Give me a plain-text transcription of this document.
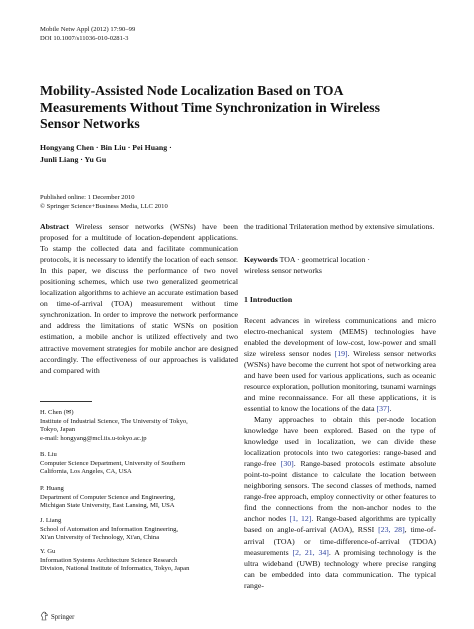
Mobile Netw Appl (2012) 17:90–99
DOI 10.1007/s11036-010-0281-3
Mobility-Assisted Node Localization Based on TOA
Measurements Without Time Synchronization in Wireless
Sensor Networks
Hongyang Chen · Bin Liu · Pei Huang ·
Junli Liang · Yu Gu
Published online: 1 December 2010
© Springer Science+Business Media, LLC 2010

Abstract Wireless sensor networks (WSNs) have been proposed for a multitude of location-dependent applications. To stamp the collected data and facilitate communication protocols, it is necessary to identify the location of each sensor. In this paper, we discuss the performance of two novel positioning schemes, which use two generalized geometrical localization algorithms to achieve an accurate estimation based on time-of-arrival (TOA) measurement without time synchronization. In order to improve the network performance and address the limitations of static WSNs on position estimation, a mobile anchor is utilized effectively and two attractive movement strategies for mobile anchor are designed accordingly. The effectiveness of our approaches is validated and compared with

the traditional Trilateration method by extensive simulations.

Keywords TOA · geometrical location ·
wireless sensor networks
1 Introduction

Recent advances in wireless communications and micro electro-mechanical system (MEMS) technologies have enabled the development of low-cost, low-power and small size wireless sensor nodes [19]. Wireless sensor networks (WSNs) have become the current hot spot of networking area and have been used for various applications, such as oceanic resource exploration, pollution monitoring, tsunami warnings and mine reconnaissance. For all these applications, it is essential to know the locations of the data [37].

Many approaches to obtain this per-node location knowledge have been explored. Based on the type of knowledge used in localization, we can divide these localization protocols into two categories: range-based and range-free [30]. Range-based protocols estimate absolute point-to-point distance to calculate the location between neighboring sensors. The second classes of methods, named range-free approach, employ connectivity or other features to find the connections from the non-anchor nodes to the anchor nodes [1, 12]. Range-based algorithms are typically based on angle-of-arrival (AOA), RSSI [23, 28], time-of-arrival (TOA) or time-difference-of-arrival (TDOA) measurements [2, 21, 34]. A promising technology is the ultra wideband (UWB) technology where precise ranging can be embedded into data communication. The typical range-

H. Chen (✉)
Institute of Industrial Science, The University of Tokyo,
Tokyo, Japan
e-mail: hongyang@mcl.iis.u-tokyo.ac.jp
B. Liu
Computer Science Department, University of Southern
California, Los Angeles, CA, USA
P. Huang
Department of Computer Science and Engineering,
Michigan State University, East Lansing, MI, USA
J. Liang
School of Automation and Information Engineering,
Xi'an University of Technology, Xi'an, China
Y. Gu
Information Systems Architecture Science Research
Division, National Institute of Informatics, Tokyo, Japan
Springer
